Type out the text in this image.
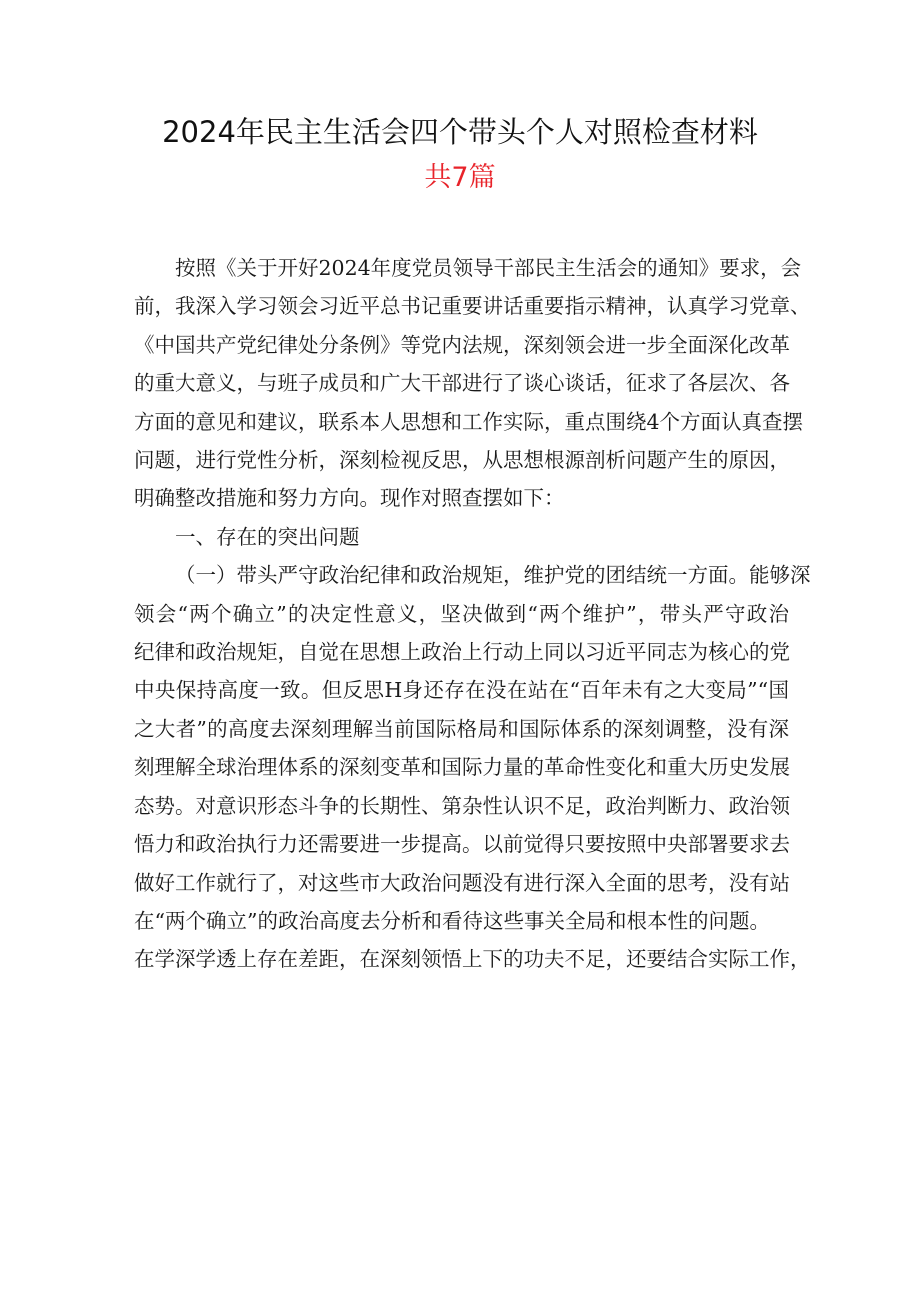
2024年民主生活会四个带头个人对照检查材料
共7篇
按照《关于开好2024年度党员领导干部民主生活会的通知》要求，会
前，我深入学习领会习近平总书记重要讲话重要指示精神，认真学习党章、
《中国共产党纪律处分条例》等党内法规，深刻领会进一步全面深化改革
的重大意义，与班子成员和广大干部进行了谈心谈话，征求了各层次、各
方面的意见和建议，联系本人思想和工作实际，重点围绕4个方面认真查摆
问题，进行党性分析，深刻检视反思，从思想根源剖析问题产生的原因，
明确整改措施和努力方向。现作对照查摆如下：
一、存在的突出问题
（一）带头严守政治纪律和政治规矩，维护党的团结统一方面。能够深
领会“两个确立”的决定性意义，坚决做到“两个维护”，带头严守政治
纪律和政治规矩，自觉在思想上政治上行动上同以习近平同志为核心的党
中央保持高度一致。但反思H身还存在没在站在“百年未有之大变局”“国
之大者”的高度去深刻理解当前国际格局和国际体系的深刻调整，没有深
刻理解全球治理体系的深刻变革和国际力量的革命性变化和重大历史发展
态势。对意识形态斗争的长期性、第杂性认识不足，政治判断力、政治领
悟力和政治执行力还需要进一步提高。以前觉得只要按照中央部署要求去
做好工作就行了，对这些市大政治问题没有进行深入全面的思考，没有站
在“两个确立”的政治高度去分析和看待这些事关全局和根本性的问题。
在学深学透上存在差距，在深刻领悟上下的功夫不足，还要结合实际工作，
